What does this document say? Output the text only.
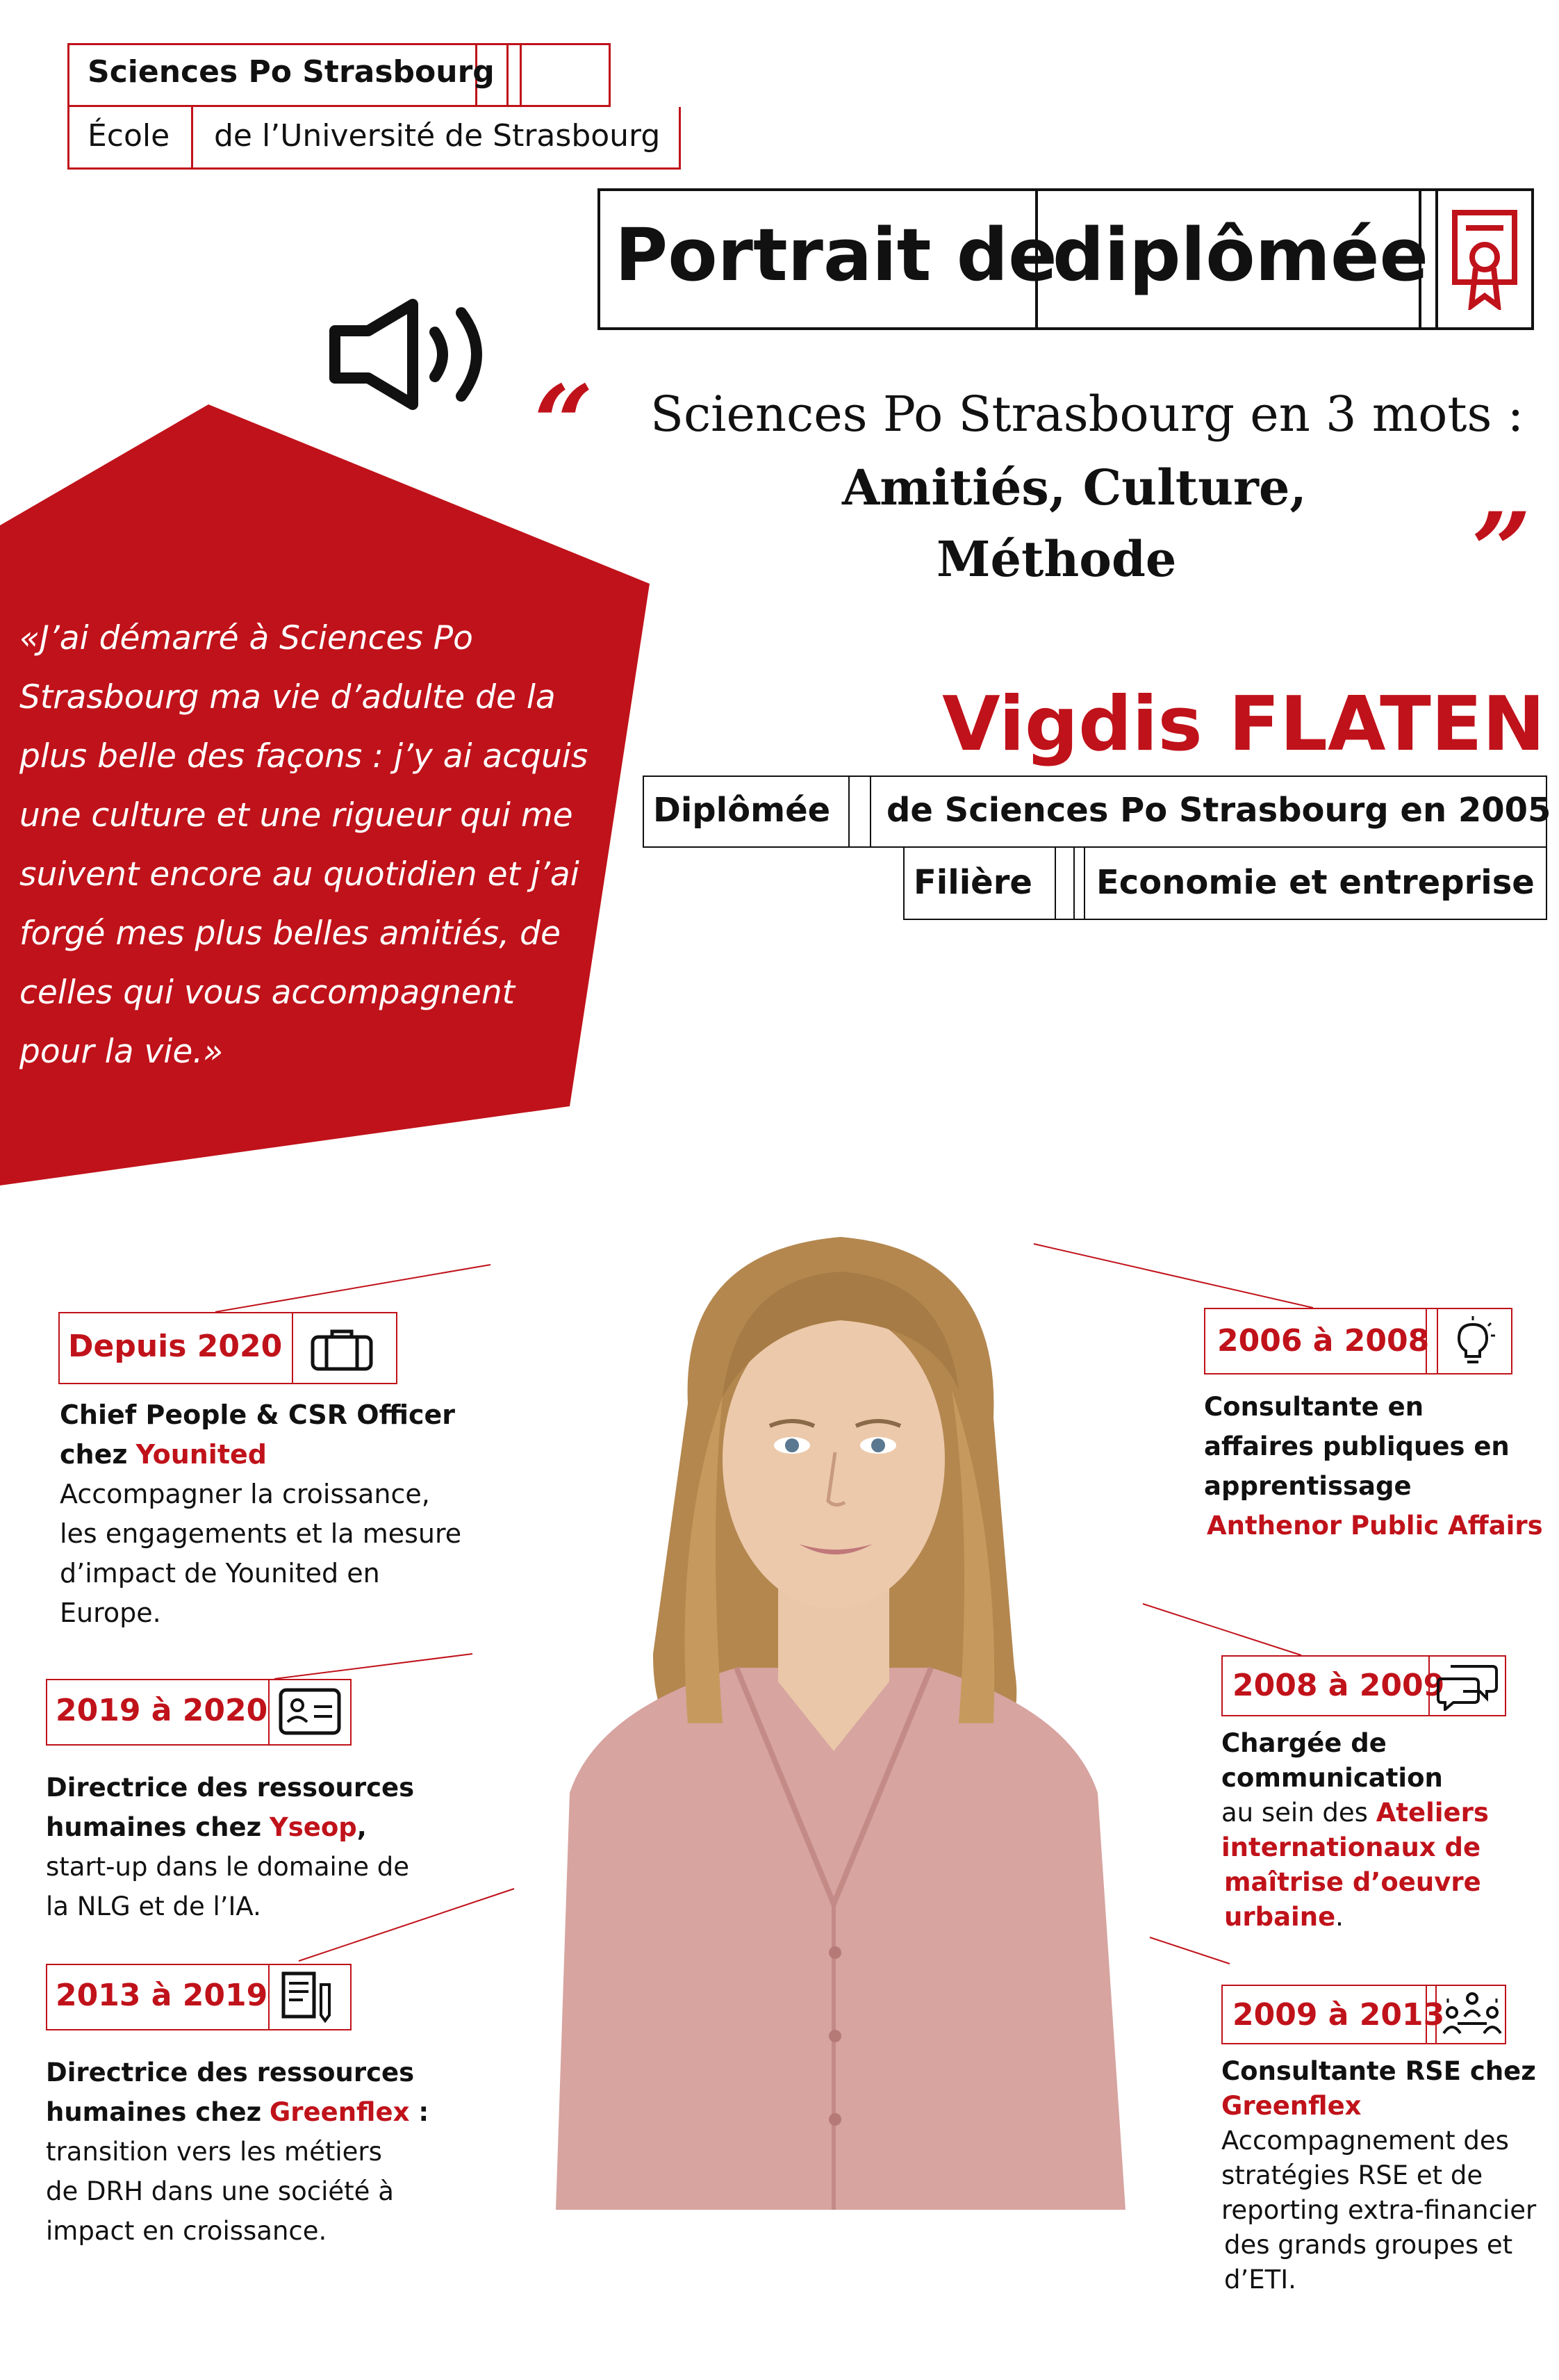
Sciences Po Strasbourg
École de l’Université de Strasbourg
Portrait de
diplômée
“ Sciences Po Strasbourg en 3 mots :
Amitiés, Culture,
Méthode	”
«J’ai démarré à Sciences Po
Strasbourg ma vie d’adulte de la
plus belle des façons : j’y ai acquis
une culture et une rigueur qui me
suivent encore au quotidien et j’ai
forgé mes plus belles amitiés, de
celles qui vous accompagnent
pour la vie.»
Vigdis FLATEN
Diplômée de Sciences Po Strasbourg en 2005
Filière Economie et entreprise
Depuis 2020
Chief People & CSR Officer
chez Younited
Accompagner la croissance,
les engagements et la mesure
d’impact de Younited en
Europe.
2019 à 2020
Directrice des ressources
humaines chez Yseop,
start-up dans le domaine de
la NLG et de l’IA.
2013 à 2019
Directrice des ressources
humaines chez Greenflex :
transition vers les métiers
de DRH dans une société à
impact en croissance.
2006 à 2008
Consultante en
affaires publiques en
apprentissage
Anthenor Public Affairs
2008 à 2009
Chargée de
communication
au sein des Ateliers
internationaux de
maîtrise d’oeuvre
urbaine.
2009 à 2013
Consultante RSE chez
Greenflex
Accompagnement des
stratégies RSE et de
reporting extra-financier
des grands groupes et
d’ETI.
